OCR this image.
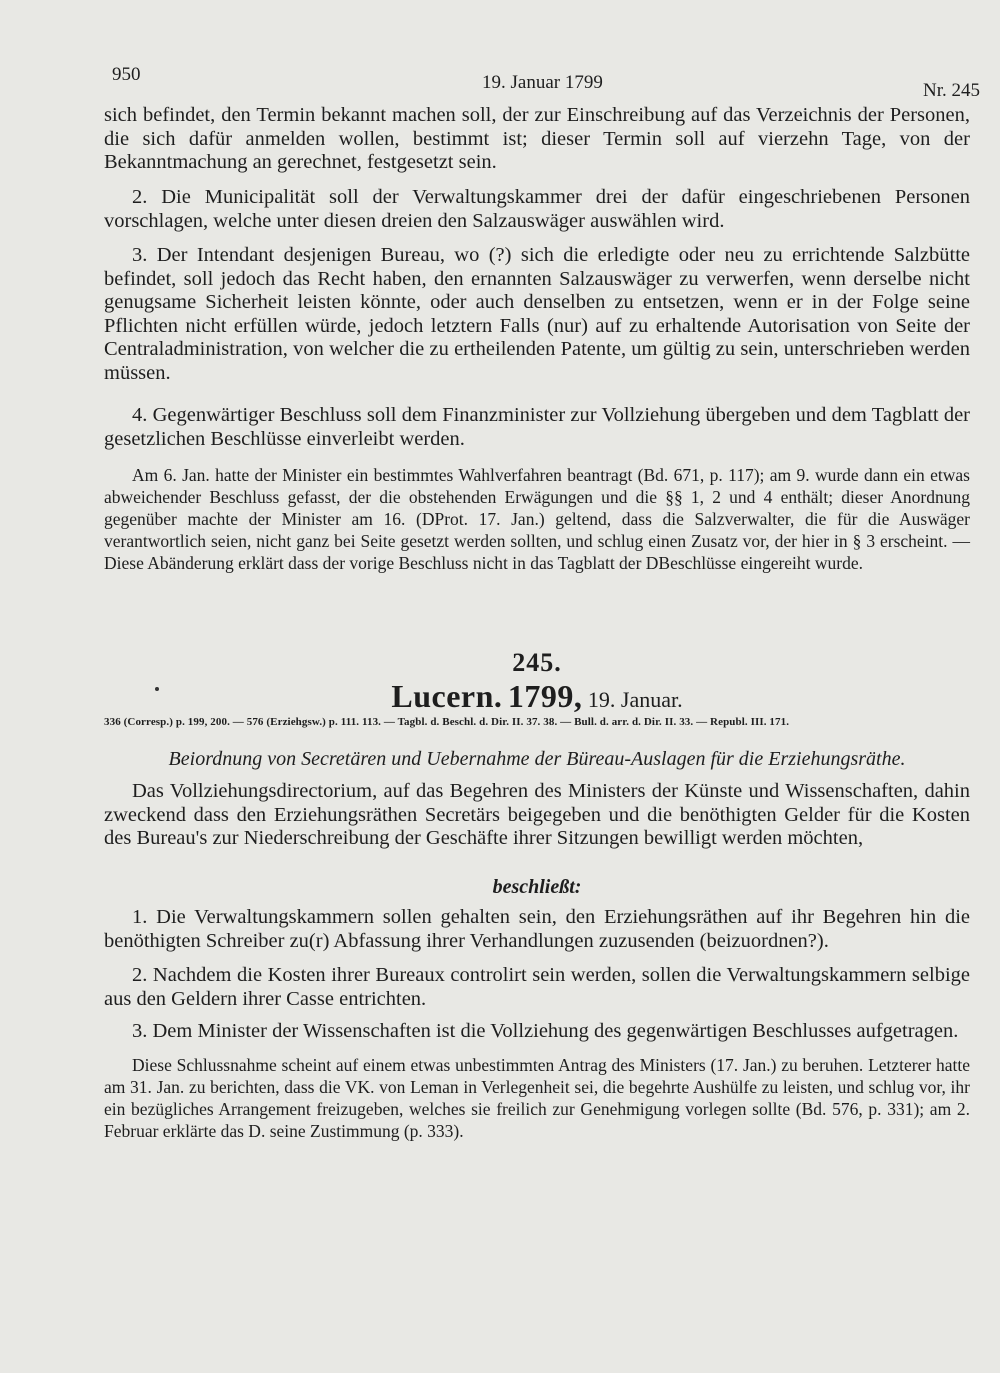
950	19. Januar 1799	Nr. 245

sich befindet, den Termin bekannt machen soll, der zur Einschreibung auf das Verzeichnis der Personen, die sich dafür anmelden wollen, bestimmt ist; dieser Termin soll auf vierzehn Tage, von der Bekanntmachung an gerechnet, festgesetzt sein.

2. Die Municipalität soll der Verwaltungskammer drei der dafür eingeschriebenen Personen vorschlagen, welche unter diesen dreien den Salzauswäger auswählen wird.

3. Der Intendant desjenigen Bureau, wo (?) sich die erledigte oder neu zu errichtende Salzbütte befindet, soll jedoch das Recht haben, den ernannten Salzauswäger zu verwerfen, wenn derselbe nicht genugsame Sicherheit leisten könnte, oder auch denselben zu entsetzen, wenn er in der Folge seine Pflichten nicht erfüllen würde, jedoch letztern Falls (nur) auf zu erhaltende Autorisation von Seite der Centraladministration, von welcher die zu ertheilenden Patente, um gültig zu sein, unterschrieben werden müssen.

4. Gegenwärtiger Beschluss soll dem Finanzminister zur Vollziehung übergeben und dem Tagblatt der gesetzlichen Beschlüsse einverleibt werden.

Am 6. Jan. hatte der Minister ein bestimmtes Wahlverfahren beantragt (Bd. 671, p. 117); am 9. wurde dann ein etwas abweichender Beschluss gefasst, der die obstehenden Erwägungen und die §§ 1, 2 und 4 enthält; dieser Anordnung gegenüber machte der Minister am 16. (DProt. 17. Jan.) geltend, dass die Salzverwalter, die für die Auswäger verantwortlich seien, nicht ganz bei Seite gesetzt werden sollten, und schlug einen Zusatz vor, der hier in § 3 erscheint. — Diese Abänderung erklärt dass der vorige Beschluss nicht in das Tagblatt der DBeschlüsse eingereiht wurde.

245.
Lucern. 1799, 19. Januar.
336 (Corresp.) p. 199, 200. — 576 (Erziehgsw.) p. 111. 113. — Tagbl. d. Beschl. d. Dir. II. 37. 38. — Bull. d. arr. d. Dir. II. 33. — Republ. III. 171.
Beiordnung von Secretären und Uebernahme der Büreau-Auslagen für die Erziehungsräthe.

Das Vollziehungsdirectorium, auf das Begehren des Ministers der Künste und Wissenschaften, dahin zweckend dass den Erziehungsräthen Secretärs beigegeben und die benöthigten Gelder für die Kosten des Bureau's zur Niederschreibung der Geschäfte ihrer Sitzungen bewilligt werden möchten,

beschließt:

1. Die Verwaltungskammern sollen gehalten sein, den Erziehungsräthen auf ihr Begehren hin die benöthigten Schreiber zu(r) Abfassung ihrer Verhandlungen zuzusenden (beizuordnen?).

2. Nachdem die Kosten ihrer Bureaux controlirt sein werden, sollen die Verwaltungskammern selbige aus den Geldern ihrer Casse entrichten.

3. Dem Minister der Wissenschaften ist die Vollziehung des gegenwärtigen Beschlusses aufgetragen.

Diese Schlussnahme scheint auf einem etwas unbestimmten Antrag des Ministers (17. Jan.) zu beruhen. Letzterer hatte am 31. Jan. zu berichten, dass die VK. von Leman in Verlegenheit sei, die begehrte Aushülfe zu leisten, und schlug vor, ihr ein bezügliches Arrangement freizugeben, welches sie freilich zur Genehmigung vorlegen sollte (Bd. 576, p. 331); am 2. Februar erklärte das D. seine Zustimmung (p. 333).
